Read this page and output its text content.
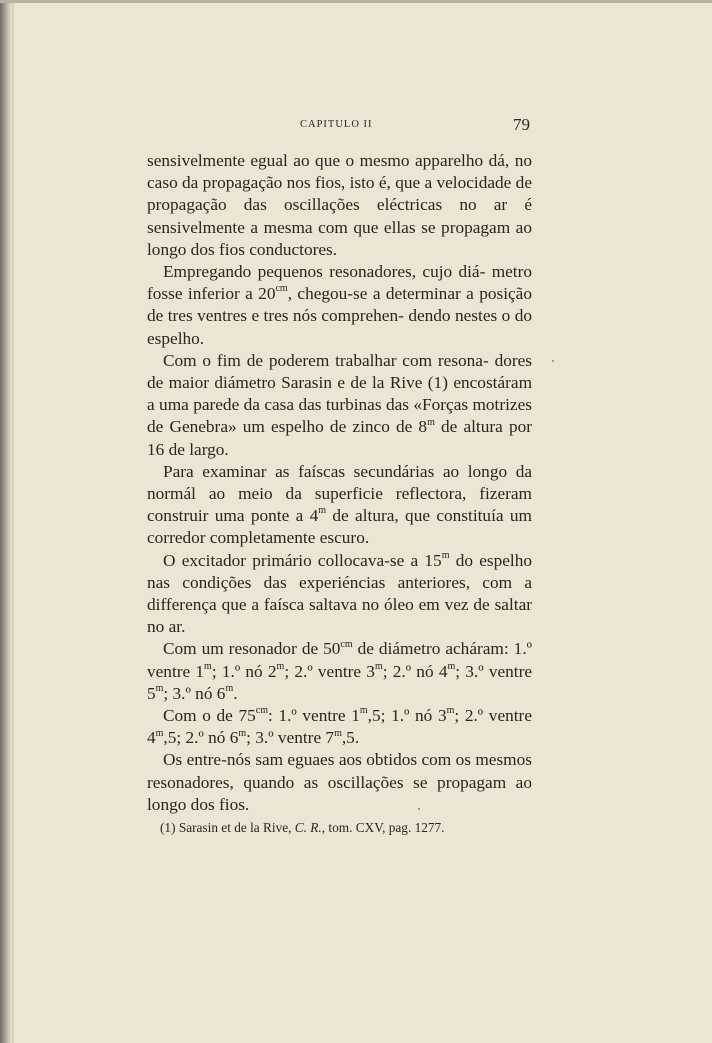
CAPITULO II	79

sensivelmente egual ao que o mesmo apparelho dá, no caso da propagação nos fios, isto é, que a velocidade de propagação das oscillações eléctricas no ar é sensivelmente a mesma com que ellas se propagam ao longo dos fios conductores.

Empregando pequenos resonadores, cujo diá- metro fosse inferior a $20^{cm}$, chegou-se a determinar a posição de tres ventres e tres nós comprehen- dendo nestes o do espelho.

Com o fim de poderem trabalhar com resona- dores de maior diámetro Sarasin e de la Rive (1) encostáram a uma parede da casa das turbinas das «Forças motrizes de Genebra» um espelho de zinco de 8$^m$ de altura por 16 de largo.

Para examinar as faíscas secundárias ao longo da normál ao meio da superficie reflectora, fizeram construir uma ponte a 4$^m$ de altura, que constituía um corredor completamente escuro.

O excitador primário collocava-se a 15$^m$ do espelho nas condições das experiéncias anteriores, com a differença que a faísca saltava no óleo em vez de saltar no ar.

Com um resonador de $50^{cm}$ de diámetro acháram: 1.º ventre 1$^m$; 1.º nó 2$^m$; 2.º ventre 3$^m$; 2.º nó 4$^m$; 3.º ventre 5$^m$; 3.º nó 6$^m$.

Com o de $75^{cm}$: 1.º ventre 1$^m$,5; 1.º nó 3$^m$; 2.º ventre 4$^m$,5; 2.º nó 6$^m$; 3.º ventre 7$^m$,5.

Os entre-nós sam eguaes aos obtidos com os mesmos resonadores, quando as oscillações se propagam ao longo dos fios.

(1) Sarasin et de la Rive, C. R., tom. CXV, pag. 1277.
